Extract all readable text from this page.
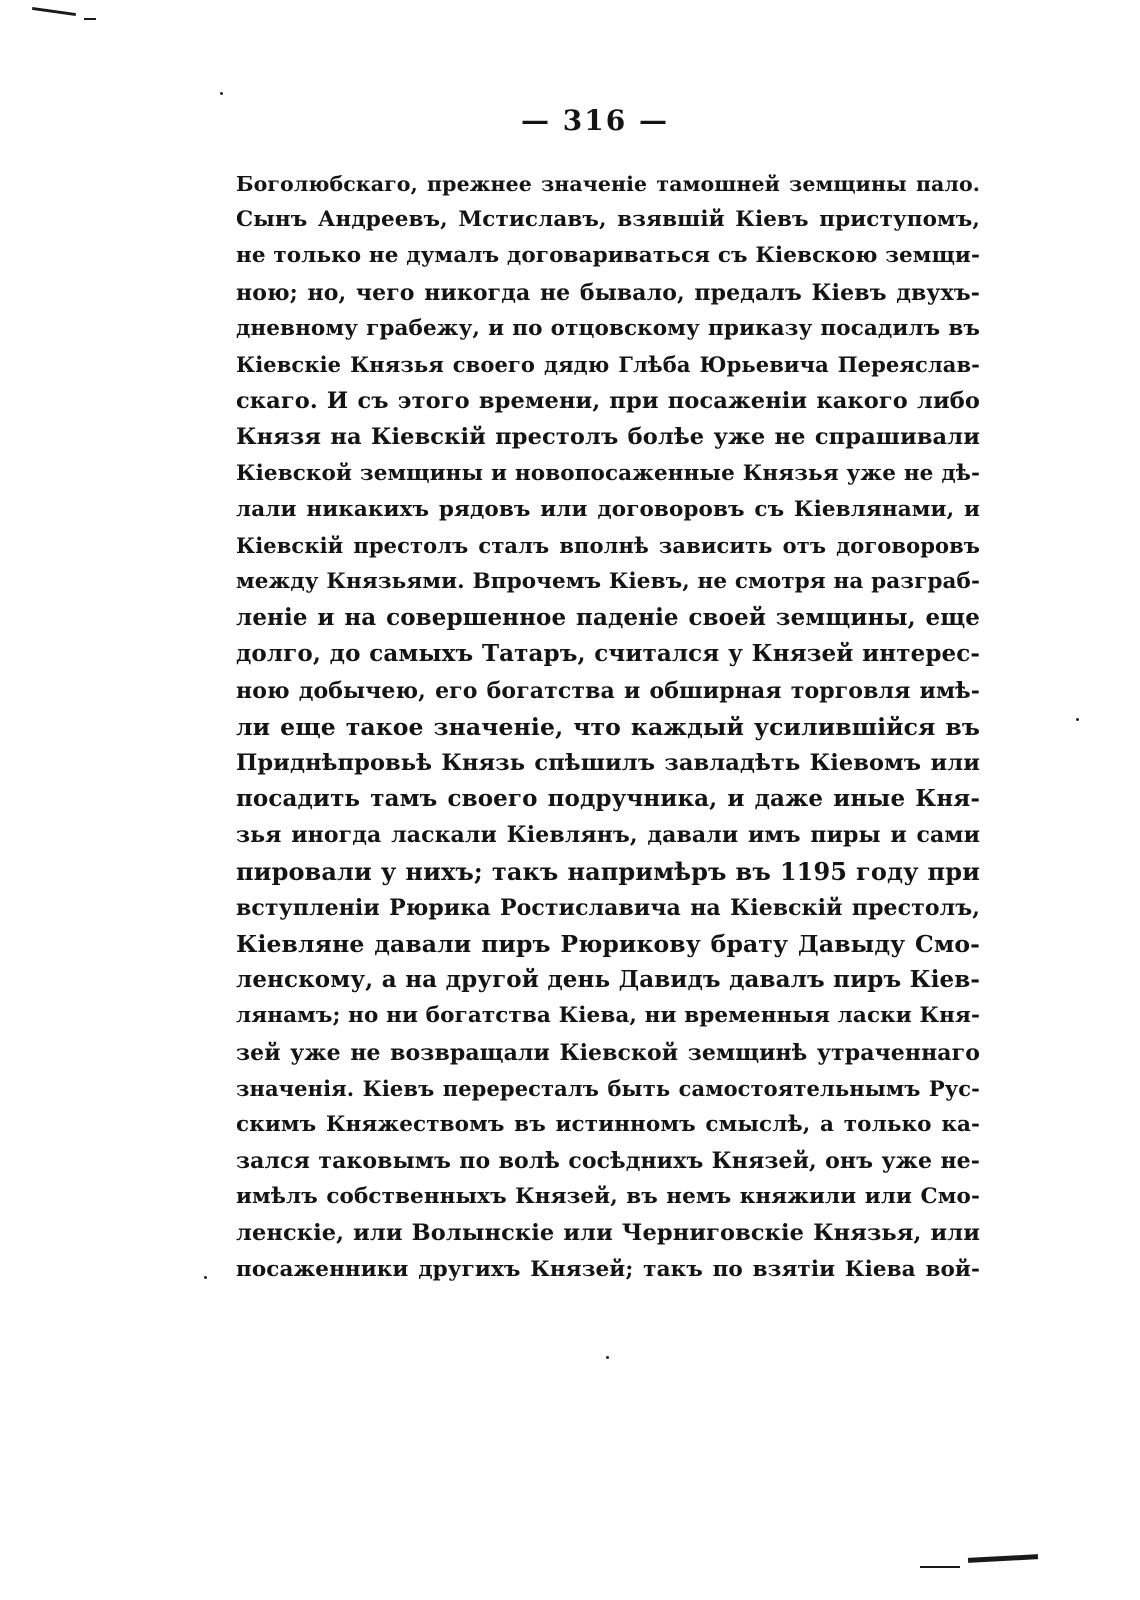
— 316 —
Боголюбскаго, прежнее значеніе тамошней земщины пало.
Сынъ Андреевъ, Мстиславъ, взявшій Кіевъ приступомъ,
не только не думалъ договариваться съ Кіевскою земщи-
ною; но, чего никогда не бывало, предалъ Кіевъ двухъ-
дневному грабежу, и по отцовскому приказу посадилъ въ
Кіевскіе Князья своего дядю Глѣба Юрьевича Переяслав-
скаго. И съ этого времени, при посаженіи какого либо
Князя на Кіевскій престолъ болѣе уже не спрашивали
Кіевской земщины и новопосаженные Князья уже не дѣ-
лали никакихъ рядовъ или договоровъ съ Кіевлянами, и
Кіевскій престолъ сталъ вполнѣ зависить отъ договоровъ
между Князьями. Впрочемъ Кіевъ, не смотря на разграб-
леніе и на совершенное паденіе своей земщины, еще
долго, до самыхъ Татаръ, считался у Князей интерес-
ною добычею, его богатства и обширная торговля имѣ-
ли еще такое значеніе, что каждый усилившійся въ
Приднѣпровьѣ Князь спѣшилъ завладѣть Кіевомъ или
посадить тамъ своего подручника, и даже иные Кня-
зья иногда ласкали Кіевлянъ, давали имъ пиры и сами
пировали у нихъ; такъ напримѣръ въ 1195 году при
вступленіи Рюрика Ростиславича на Кіевскій престолъ,
Кіевляне давали пиръ Рюрикову брату Давыду Смо-
ленскому, а на другой день Давидъ давалъ пиръ Кіев-
лянамъ; но ни богатства Кіева, ни временныя ласки Кня-
зей уже не возвращали Кіевской земщинѣ утраченнаго
значенія. Кіевъ перересталъ быть самостоятельнымъ Рус-
скимъ Княжествомъ въ истинномъ смыслѣ, а только ка-
зался таковымъ по волѣ сосѣднихъ Князей, онъ уже не-
имѣлъ собственныхъ Князей, въ немъ княжили или Смо-
ленскіе, или Волынскіе или Черниговскіе Князья, или
посаженники другихъ Князей; такъ по взятіи Кіева вой-
